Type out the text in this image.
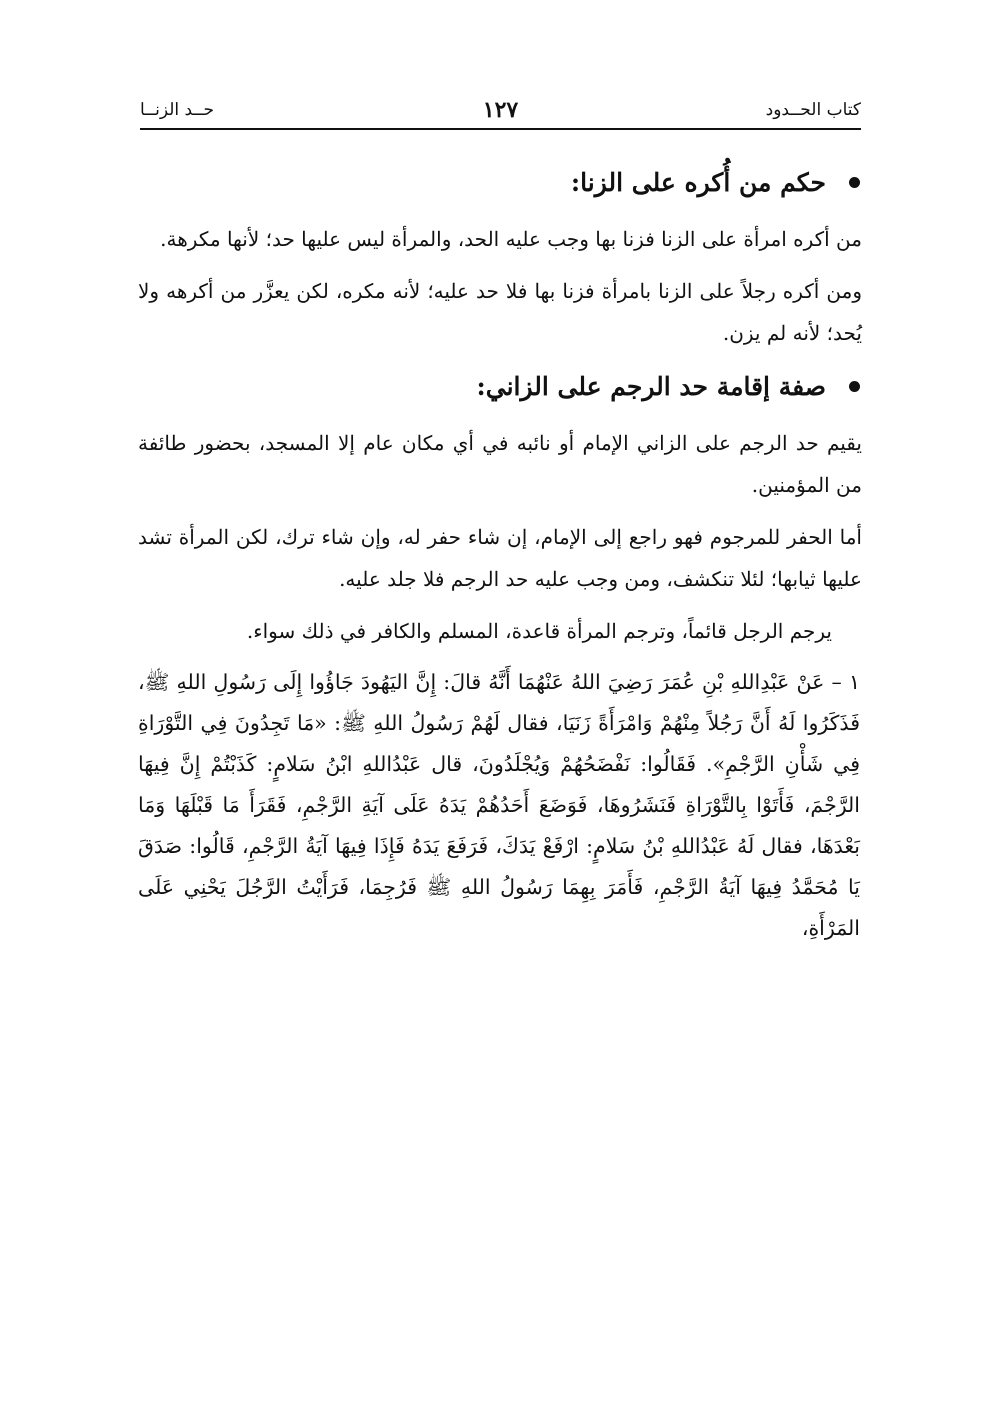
كتاب الحــدود
١٢٧
حــد الزنــا
حكم من أُكره على الزنا:

من أكره امرأة على الزنا فزنا بها وجب عليه الحد، والمرأة ليس عليها حد؛ لأنها مكرهة.

ومن أكره رجلاً على الزنا بامرأة فزنا بها فلا حد عليه؛ لأنه مكره، لكن يعزَّر من أكرهه ولا يُحد؛ لأنه لم يزن.

صفة إقامة حد الرجم على الزاني:

يقيم حد الرجم على الزاني الإمام أو نائبه في أي مكان عام إلا المسجد، بحضور طائفة من المؤمنين.

أما الحفر للمرجوم فهو راجع إلى الإمام، إن شاء حفر له، وإن شاء ترك، لكن المرأة تشد عليها ثيابها؛ لئلا تنكشف، ومن وجب عليه حد الرجم فلا جلد عليه.

يرجم الرجل قائماً، وترجم المرأة قاعدة، المسلم والكافر في ذلك سواء.

١ – عَنْ عَبْدِاللهِ بْنِ عُمَرَ رَضِيَ اللهُ عَنْهُمَا أَنَّهُ قالَ: إِنَّ اليَهُودَ جَاؤُوا إِلَى رَسُولِ اللهِ ﷺ، فَذَكَرُوا لَهُ أَنَّ رَجُلاً مِنْهُمْ وَامْرَأَةً زَنَيَا، فقال لَهُمْ رَسُولُ اللهِ ﷺ: «مَا تَجِدُونَ فِي التَّوْرَاةِ فِي شَأْنِ الرَّجْمِ». فَقَالُوا: نَفْضَحُهُمْ وَيُجْلَدُونَ، قال عَبْدُاللهِ ابْنُ سَلامٍ: كَذَبْتُمْ إِنَّ فِيهَا الرَّجْمَ، فَأَتَوْا بِالتَّوْرَاةِ فَنَشَرُوهَا، فَوَضَعَ أَحَدُهُمْ يَدَهُ عَلَى آيَةِ الرَّجْمِ، فَقَرَأَ مَا قَبْلَهَا وَمَا بَعْدَهَا، فقال لَهُ عَبْدُاللهِ بْنُ سَلامٍ: ارْفَعْ يَدَكَ، فَرَفَعَ يَدَهُ فَإِذَا فِيهَا آيَةُ الرَّجْمِ، قَالُوا: صَدَقَ يَا مُحَمَّدُ فِيهَا آيَةُ الرَّجْمِ، فَأَمَرَ بِهِمَا رَسُولُ اللهِ ﷺ فَرُجِمَا، فَرَأَيْتُ الرَّجُلَ يَحْنِي عَلَى المَرْأَةِ،
